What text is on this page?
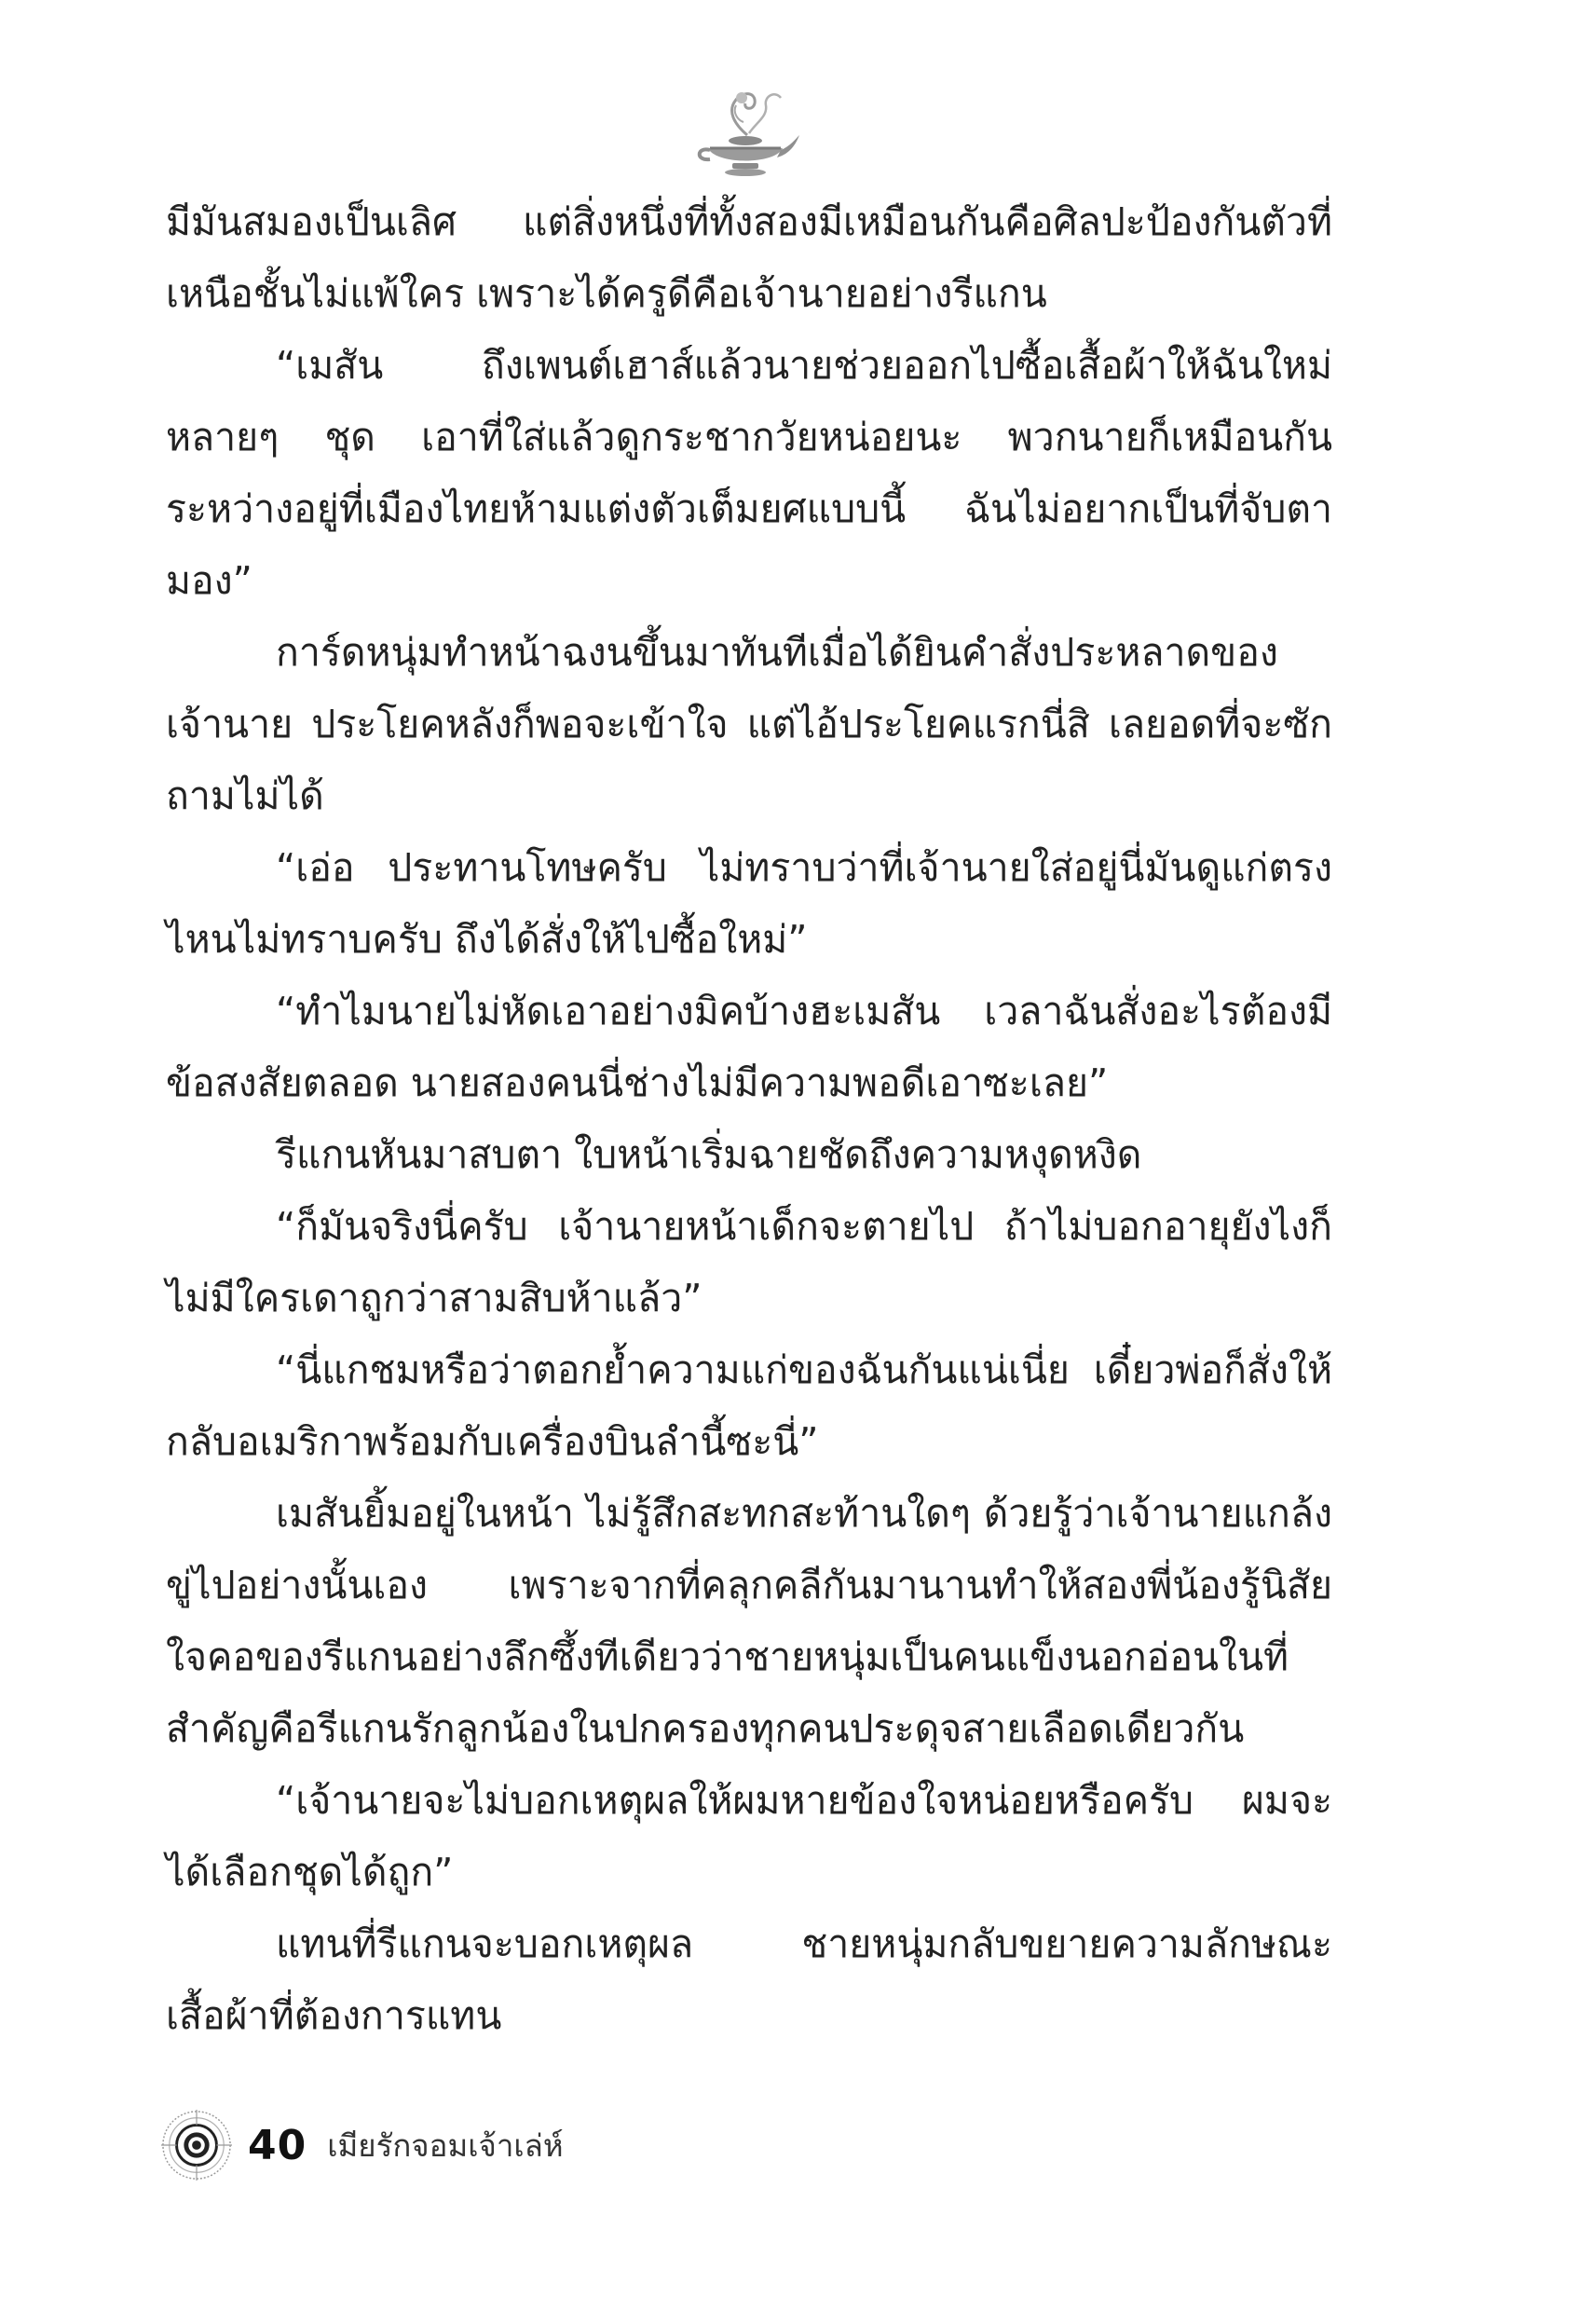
มีมันสมองเป็นเลิศ แต่สิ่งหนึ่งที่ทั้งสองมีเหมือนกันคือศิลปะป้องกันตัวที่เหนือชั้นไม่แพ้ใคร เพราะได้ครูดีคือเจ้านายอย่างรีแกน

“เมสัน ถึงเพนต์เฮาส์แล้วนายช่วยออกไปซื้อเสื้อผ้าให้ฉันใหม่หลายๆ ชุด เอาที่ใส่แล้วดูกระชากวัยหน่อยนะ พวกนายก็เหมือนกันระหว่างอยู่ที่เมืองไทยห้ามแต่งตัวเต็มยศแบบนี้ ฉันไม่อยากเป็นที่จับตามอง”

การ์ดหนุ่มทำหน้าฉงนขึ้นมาทันทีเมื่อได้ยินคำสั่งประหลาดของเจ้านาย ประโยคหลังก็พอจะเข้าใจ แต่ไอ้ประโยคแรกนี่สิ เลยอดที่จะซักถามไม่ได้

“เอ่อ ประทานโทษครับ ไม่ทราบว่าที่เจ้านายใส่อยู่นี่มันดูแก่ตรงไหนไม่ทราบครับ ถึงได้สั่งให้ไปซื้อใหม่”

“ทำไมนายไม่หัดเอาอย่างมิคบ้างฮะเมสัน เวลาฉันสั่งอะไรต้องมีข้อสงสัยตลอด นายสองคนนี่ช่างไม่มีความพอดีเอาซะเลย”

รีแกนหันมาสบตา ใบหน้าเริ่มฉายชัดถึงความหงุดหงิด

“ก็มันจริงนี่ครับ เจ้านายหน้าเด็กจะตายไป ถ้าไม่บอกอายุยังไงก็ไม่มีใครเดาถูกว่าสามสิบห้าแล้ว”

“นี่แกชมหรือว่าตอกย้ำความแก่ของฉันกันแน่เนี่ย เดี๋ยวพ่อก็สั่งให้กลับอเมริกาพร้อมกับเครื่องบินลำนี้ซะนี่”

เมสันยิ้มอยู่ในหน้า ไม่รู้สึกสะทกสะท้านใดๆ ด้วยรู้ว่าเจ้านายแกล้งขู่ไปอย่างนั้นเอง เพราะจากที่คลุกคลีกันมานานทำให้สองพี่น้องรู้นิสัยใจคอของรีแกนอย่างลึกซึ้งทีเดียวว่าชายหนุ่มเป็นคนแข็งนอกอ่อนในที่สำคัญคือรีแกนรักลูกน้องในปกครองทุกคนประดุจสายเลือดเดียวกัน

“เจ้านายจะไม่บอกเหตุผลให้ผมหายข้องใจหน่อยหรือครับ ผมจะได้เลือกชุดได้ถูก”

แทนที่รีแกนจะบอกเหตุผล ชายหนุ่มกลับขยายความลักษณะเสื้อผ้าที่ต้องการแทน

40 เมียรักจอมเจ้าเล่ห์
